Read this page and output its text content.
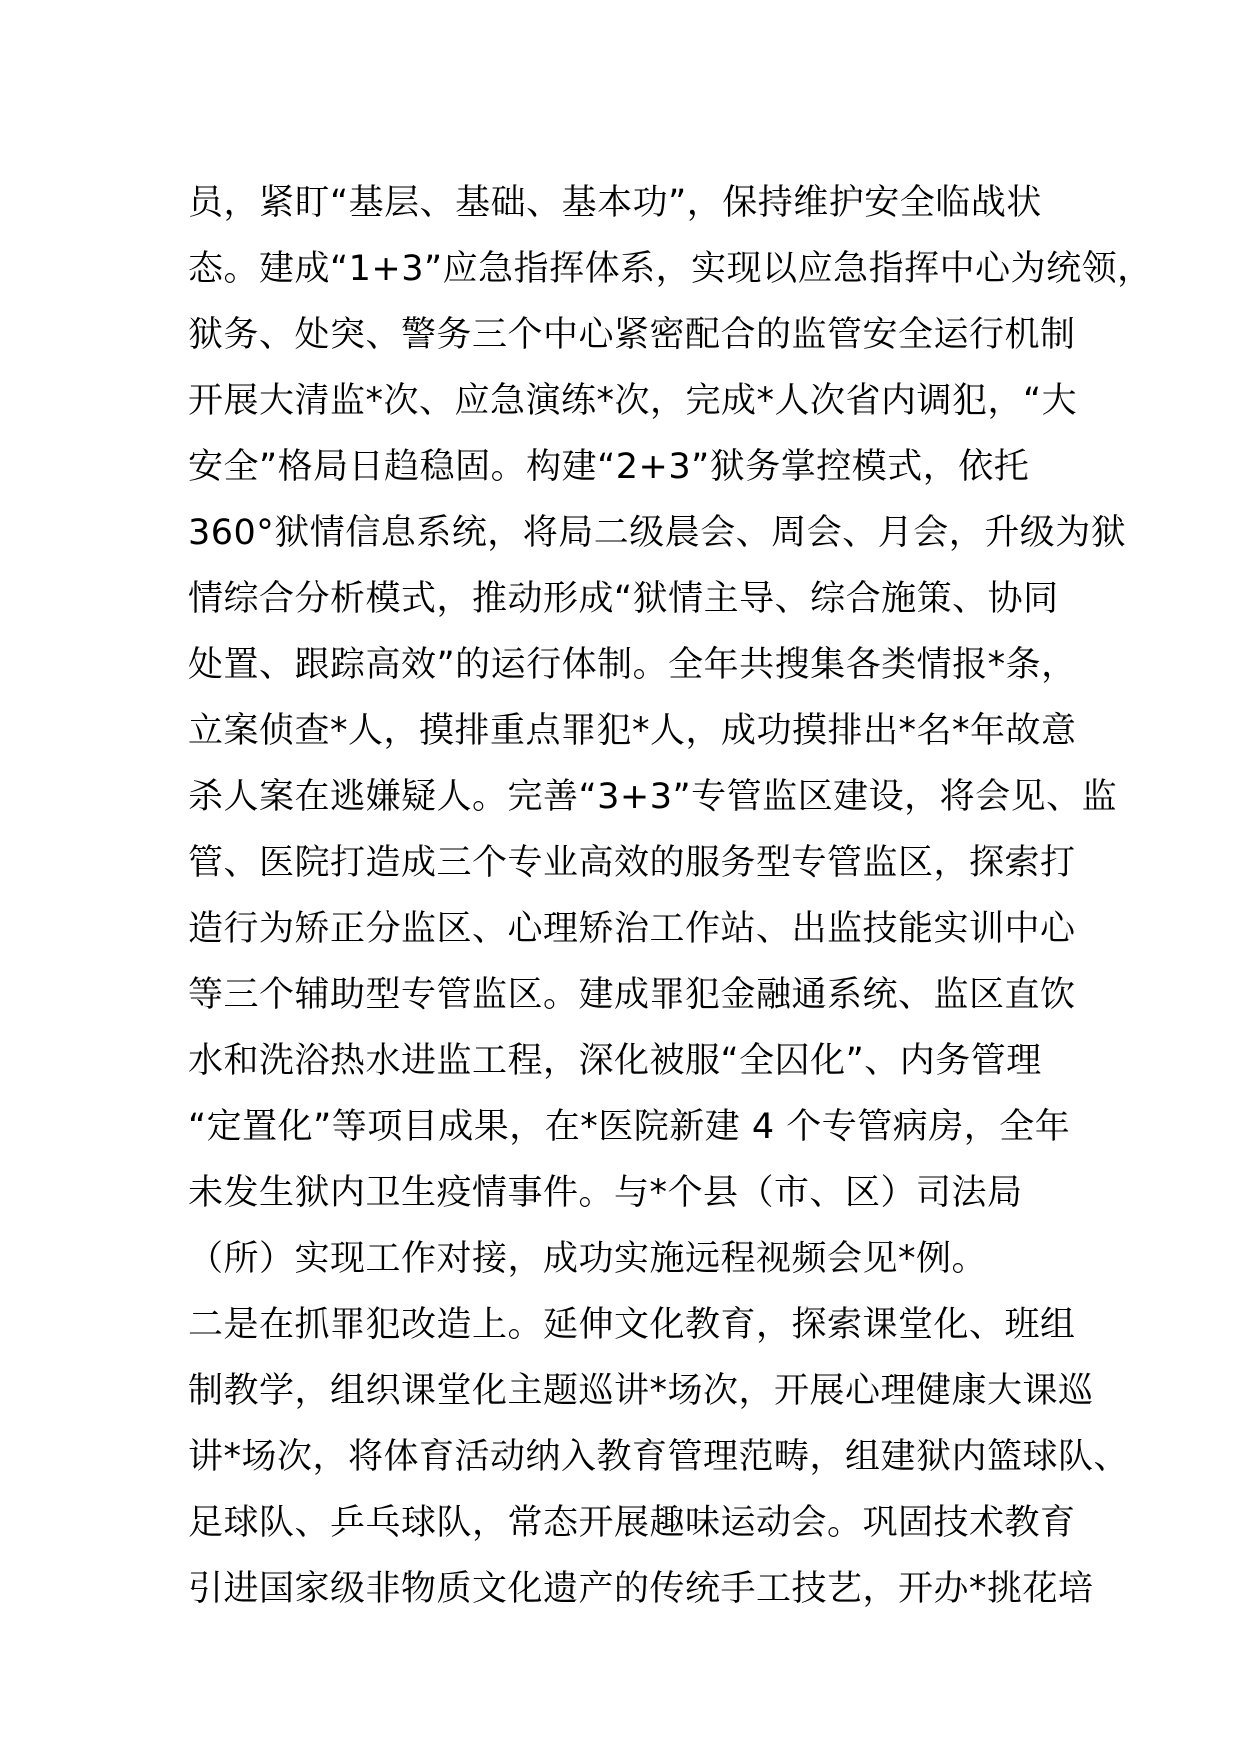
员，紧盯“基层、基础、基本功”，保持维护安全临战状
态。建成“1+3”应急指挥体系，实现以应急指挥中心为统领，
狱务、处突、警务三个中心紧密配合的监管安全运行机制
开展大清监*次、应急演练*次，完成*人次省内调犯，“大
安全”格局日趋稳固。构建“2+3”狱务掌控模式，依托
360°狱情信息系统，将局二级晨会、周会、月会，升级为狱
情综合分析模式，推动形成“狱情主导、综合施策、协同
处置、跟踪高效”的运行体制。全年共搜集各类情报*条，
立案侦查*人，摸排重点罪犯*人，成功摸排出*名*年故意
杀人案在逃嫌疑人。完善“3+3”专管监区建设，将会见、监
管、医院打造成三个专业高效的服务型专管监区，探索打
造行为矫正分监区、心理矫治工作站、出监技能实训中心
等三个辅助型专管监区。建成罪犯金融通系统、监区直饮
水和洗浴热水进监工程，深化被服“全囚化”、内务管理
“定置化”等项目成果，在*医院新建 4 个专管病房，全年
未发生狱内卫生疫情事件。与*个县（市、区）司法局
（所）实现工作对接，成功实施远程视频会见*例。
二是在抓罪犯改造上。延伸文化教育，探索课堂化、班组
制教学，组织课堂化主题巡讲*场次，开展心理健康大课巡
讲*场次，将体育活动纳入教育管理范畴，组建狱内篮球队、
足球队、乒乓球队，常态开展趣味运动会。巩固技术教育
引进国家级非物质文化遗产的传统手工技艺，开办*挑花培
